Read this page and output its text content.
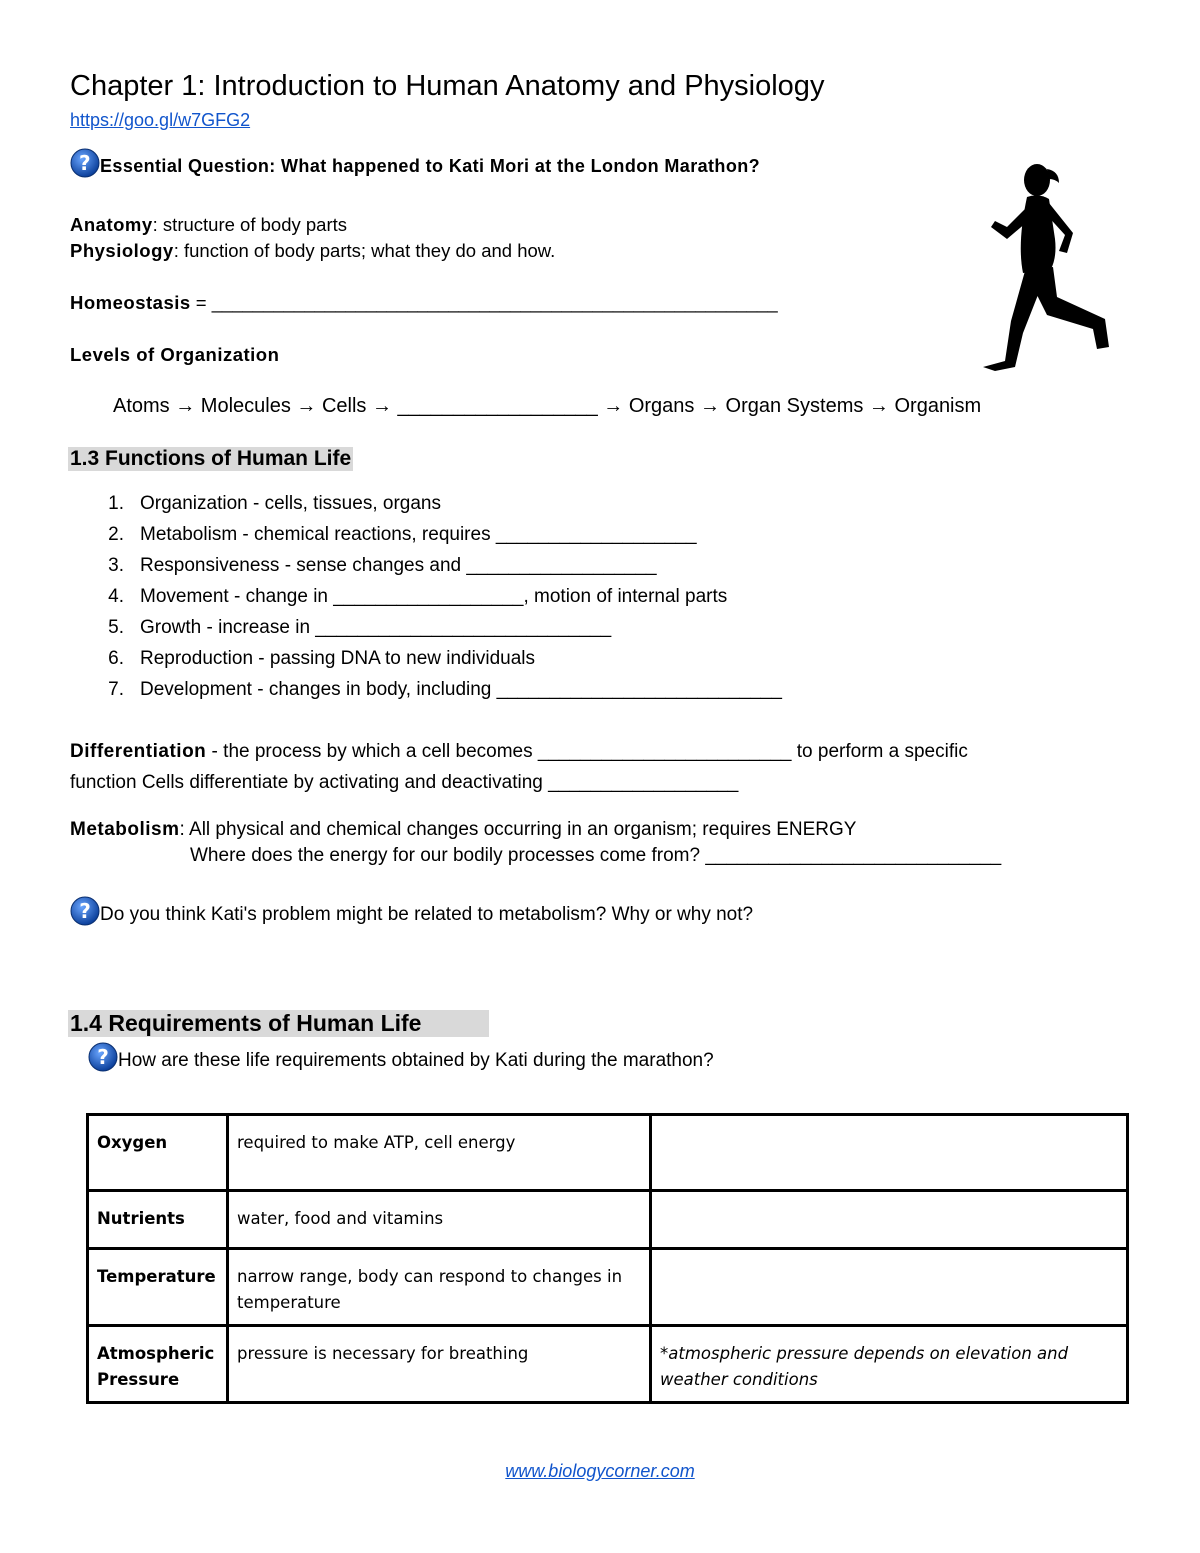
Chapter 1: Introduction to Human Anatomy and Physiology
https://goo.gl/w7GFG2
? Essential Question: What happened to Kati Mori at the London Marathon?
Anatomy: structure of body parts
Physiology: function of body parts; what they do and how.
Homeostasis = _______________________________________________________
Levels of Organization
Atoms → Molecules → Cells → __________________ → Organs → Organ Systems → Organism
1.3 Functions of Human Life
1. Organization - cells, tissues, organs
2. Metabolism - chemical reactions, requires ___________________
3. Responsiveness - sense changes and __________________
4. Movement - change in __________________, motion of internal parts
5. Growth - increase in ____________________________
6. Reproduction - passing DNA to new individuals
7. Development - changes in body, including ___________________________
Differentiation - the process by which a cell becomes ________________________ to perform a specific
function Cells differentiate by activating and deactivating __________________
Metabolism: All physical and chemical changes occurring in an organism; requires ENERGY
Where does the energy for our bodily processes come from? ____________________________
? Do you think Kati's problem might be related to metabolism? Why or why not?
1.4 Requirements of Human Life
? How are these life requirements obtained by Kati during the marathon?
Oxygen	required to make ATP, cell energy	
Nutrients	water, food and vitamins	
Temperature	narrow range, body can respond to changes in temperature	
Atmospheric Pressure	pressure is necessary for breathing	*atmospheric pressure depends on elevation and weather conditions
www.biologycorner.com
